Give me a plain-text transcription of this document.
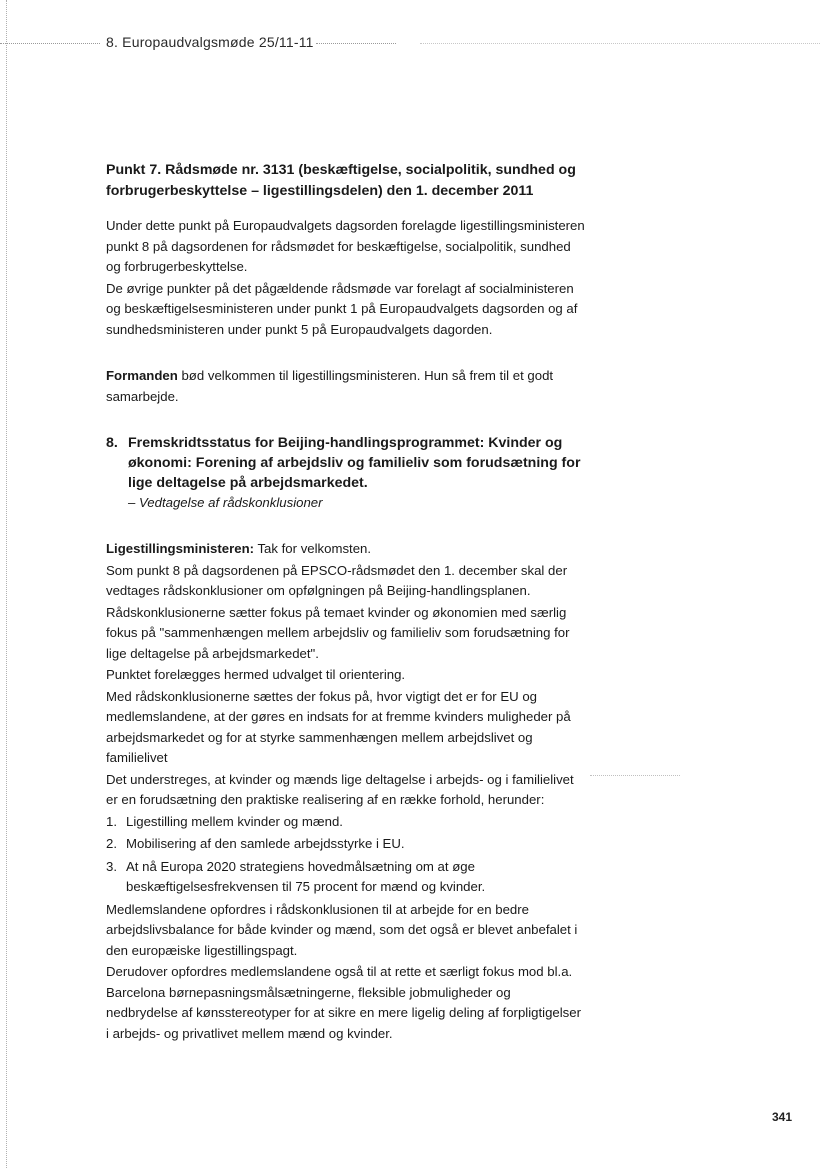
8. Europaudvalgsmøde 25/11-11

Punkt 7. Rådsmøde nr. 3131 (beskæftigelse, socialpolitik, sundhed og forbrugerbeskyttelse – ligestillingsdelen) den 1. december 2011

Under dette punkt på Europaudvalgets dagsorden forelagde ligestillingsministeren punkt 8 på dagsordenen for rådsmødet for beskæftigelse, socialpolitik, sundhed og forbrugerbeskyttelse.

De øvrige punkter på det pågældende rådsmøde var forelagt af socialministeren og beskæftigelsesministeren under punkt 1 på Europaudvalgets dagsorden og af sundhedsministeren under punkt 5 på Europaudvalgets dagorden.

Formanden bød velkommen til ligestillingsministeren. Hun så frem til et godt samarbejde.

8. Fremskridtsstatus for Beijing-handlingsprogrammet: Kvinder og økonomi: Forening af arbejdsliv og familieliv som forudsætning for lige deltagelse på arbejdsmarkedet.
– Vedtagelse af rådskonklusioner

Ligestillingsministeren: Tak for velkomsten.

Som punkt 8 på dagsordenen på EPSCO-rådsmødet den 1. december skal der vedtages rådskonklusioner om opfølgningen på Beijing-handlingsplanen.

Rådskonklusionerne sætter fokus på temaet kvinder og økonomien med særlig fokus på "sammenhængen mellem arbejdsliv og familieliv som forudsætning for lige deltagelse på arbejdsmarkedet".

Punktet forelægges hermed udvalget til orientering.

Med rådskonklusionerne sættes der fokus på, hvor vigtigt det er for EU og medlemslandene, at der gøres en indsats for at fremme kvinders muligheder på arbejdsmarkedet og for at styrke sammenhængen mellem arbejdslivet og familielivet

Det understreges, at kvinder og mænds lige deltagelse i arbejds- og i familielivet er en forudsætning den praktiske realisering af en række forhold, herunder:

1. Ligestilling mellem kvinder og mænd.
2. Mobilisering af den samlede arbejdsstyrke i EU.
3. At nå Europa 2020 strategiens hovedmålsætning om at øge beskæftigelsesfrekvensen til 75 procent for mænd og kvinder.

Medlemslandene opfordres i rådskonklusionen til at arbejde for en bedre arbejdslivsbalance for både kvinder og mænd, som det også er blevet anbefalet i den europæiske ligestillingspagt.

Derudover opfordres medlemslandene også til at rette et særligt fokus mod bl.a. Barcelona børnepasningsmålsætningerne, fleksible jobmuligheder og nedbrydelse af kønsstereotyper for at sikre en mere ligelig deling af forpligtigelser i arbejds- og privatlivet mellem mænd og kvinder.

341
